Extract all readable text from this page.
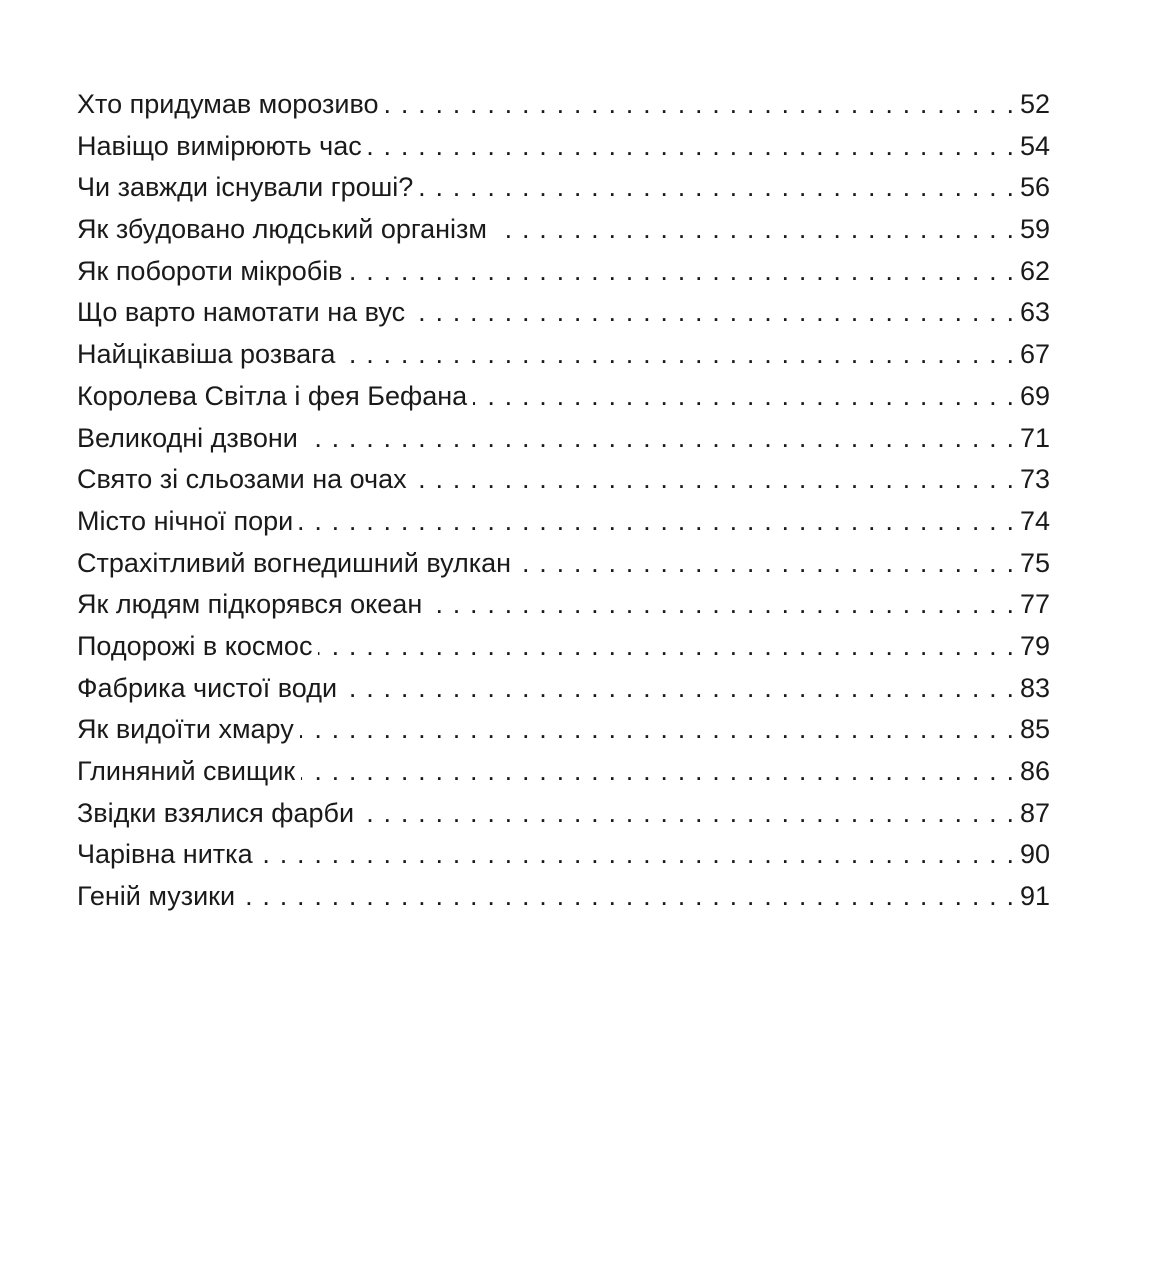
Хто придумав морозиво . . .	52
Навіщо вимірюють час . . .	54
Чи завжди існували гроші? . . .	56
Як збудовано людський організм . . .	59
Як побороти мікробів . . .	62
Що варто намотати на вус . . .	63
Найцікавіша розвага . . .	67
Королева Світла і фея Бефана . . .	69
Великодні дзвони . . .	71
Свято зі сльозами на очах . . .	73
Місто нічної пори . . .	74
Страхітливий вогнедишний вулкан . . .	75
Як людям підкорявся океан . . .	77
Подорожі в космос . . .	79
Фабрика чистої води . . .	83
Як видоїти хмару . . .	85
Глиняний свищик . . .	86
Звідки взялися фарби . . .	87
Чарівна нитка . . .	90
Геній музики . . .	91
